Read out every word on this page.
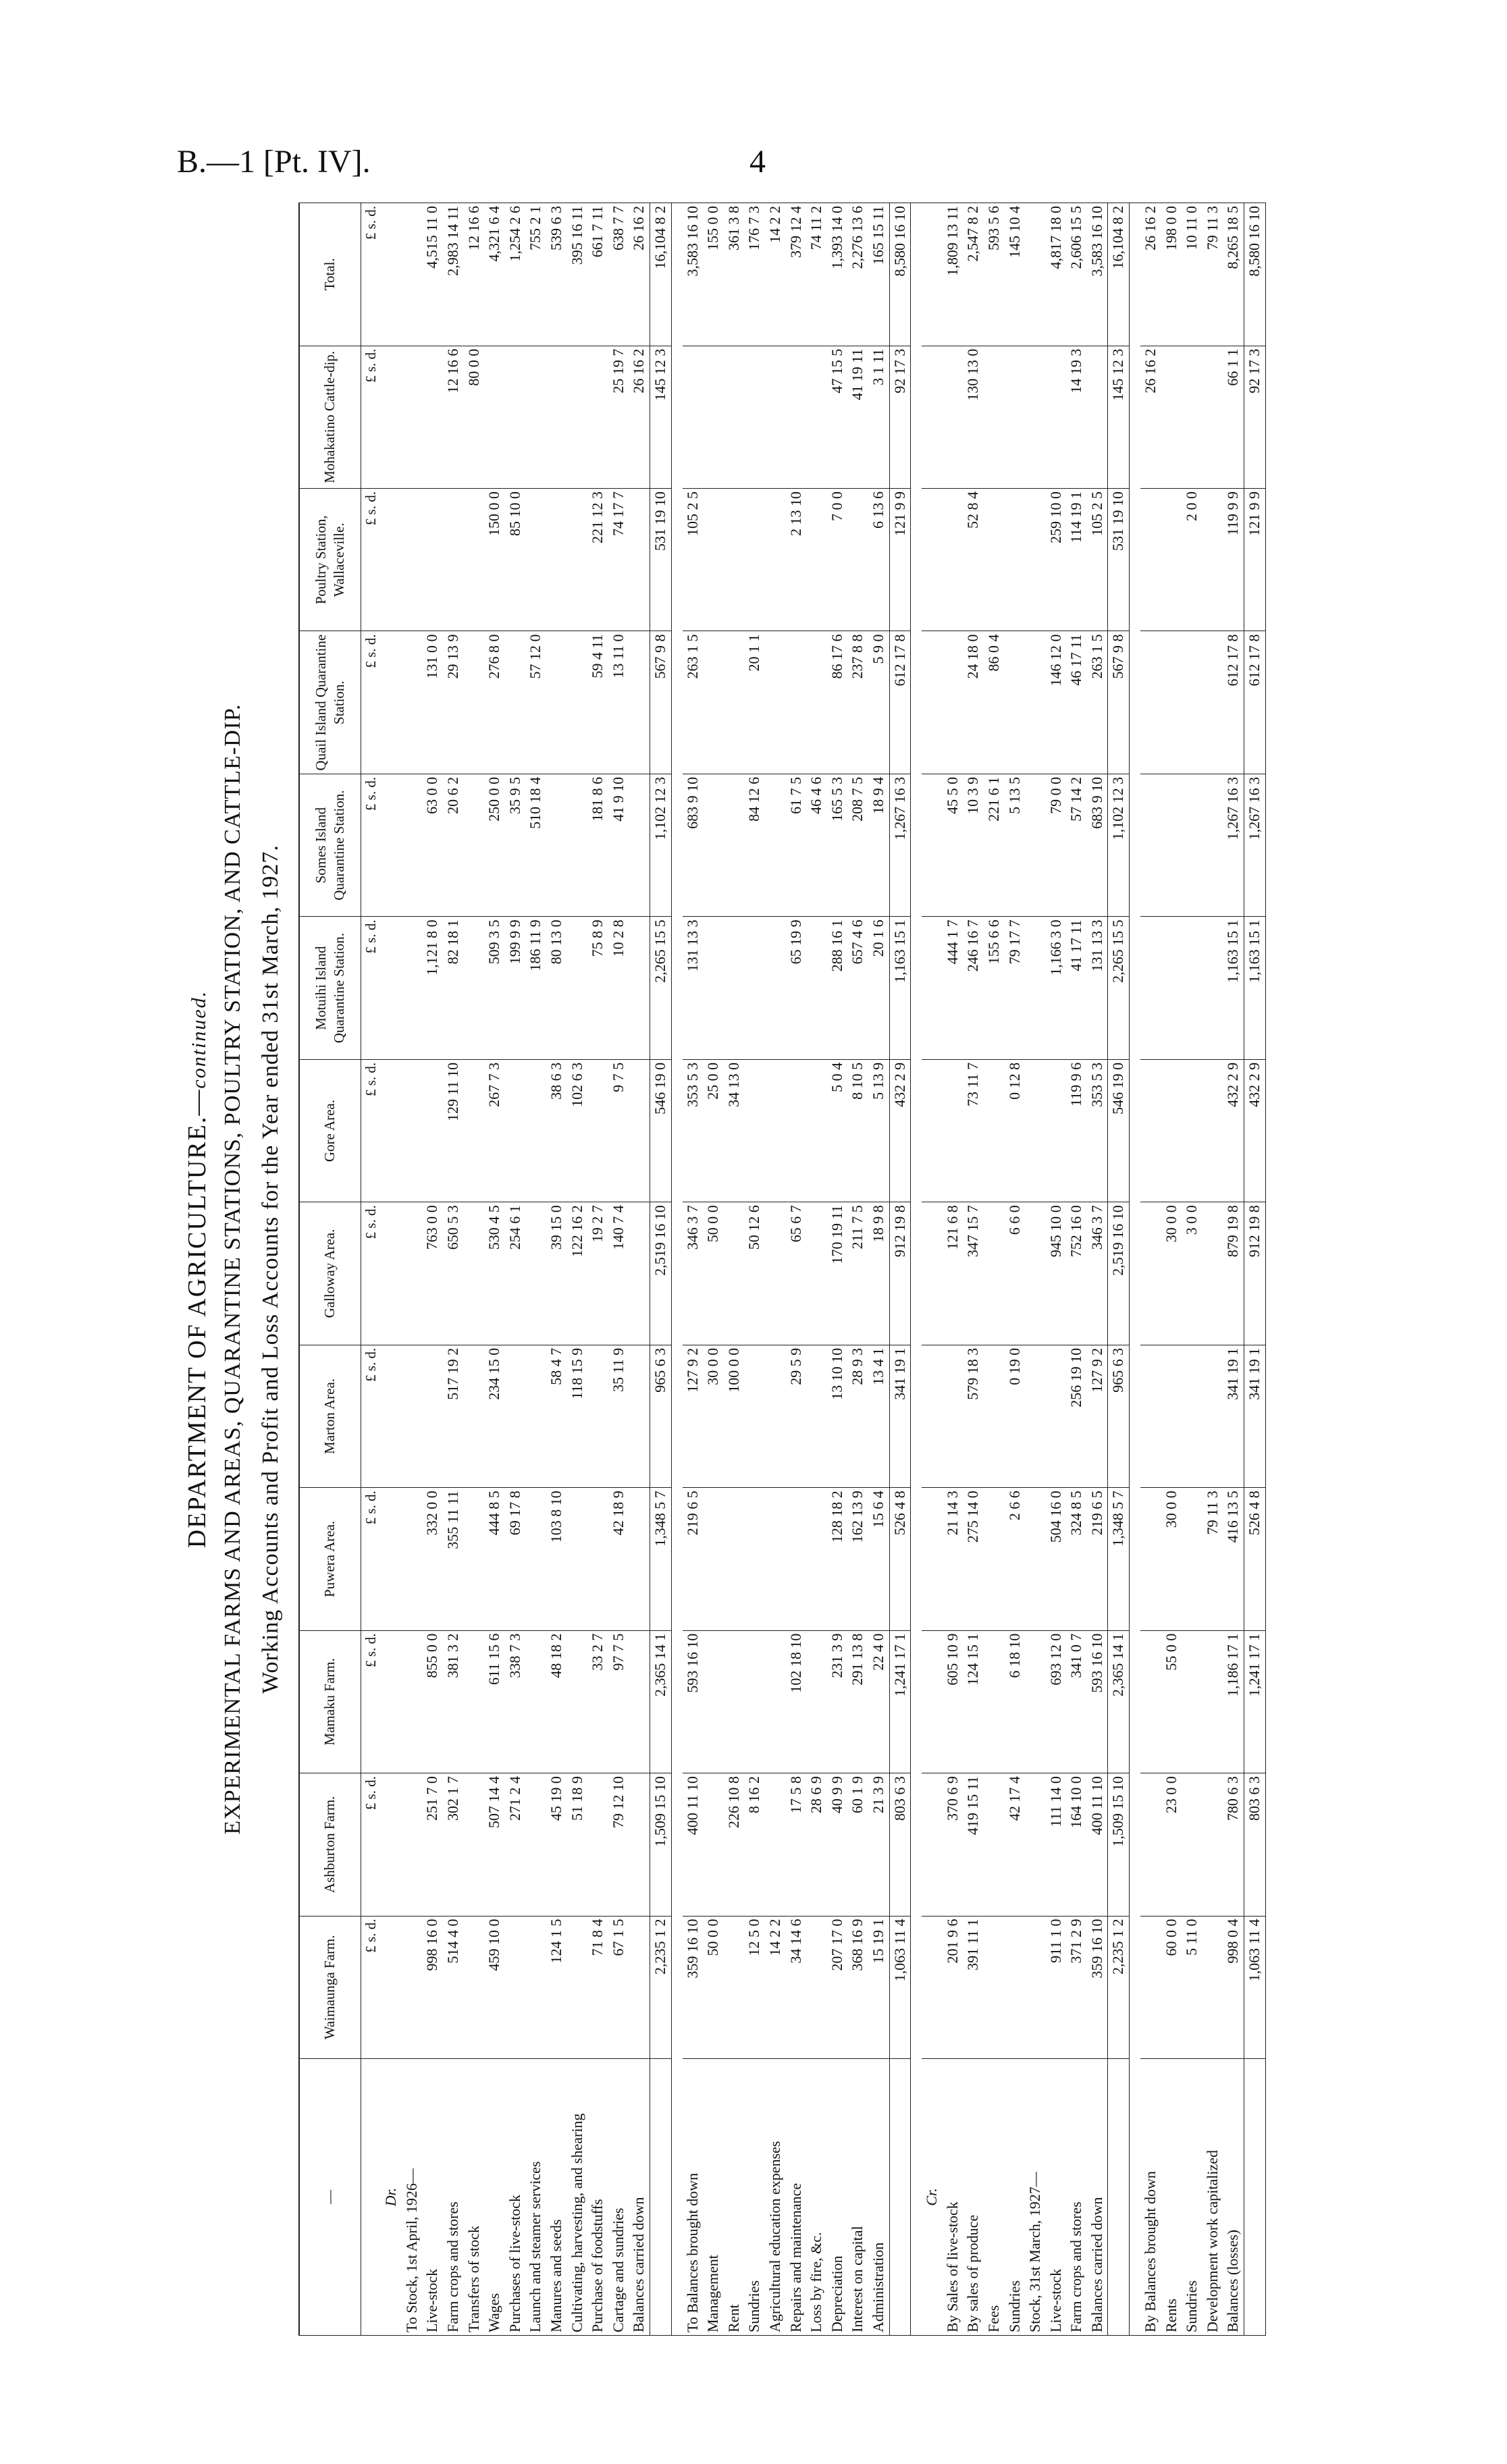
B.—1 [Pt. IV].	4
DEPARTMENT OF AGRICULTURE.—continued. EXPERIMENTAL FARMS AND AREAS, QUARANTINE STATIONS, POULTRY STATION, AND CATTLE-DIP. Working Accounts and Profit and Loss Accounts for the Year ended 31st March, 1927.
—	Waimaunga Farm.	Ashburton Farm.	Mamaku Farm.	Puwera Area.	Marton Area.	Galloway Area.	Gore Area.	Motuihi Island Quarantine Station.	Somes Island Quarantine Station.	Quail Island Quarantine Station.	Poultry Station, Wallaceville.	Mohakatino Cattle-dip.	Total.
	£ s. d.	£ s. d.	£ s. d.	£ s. d.	£ s. d.	£ s. d.	£ s. d.	£ s. d.	£ s. d.	£ s. d.	£ s. d.	£ s. d.	£ s. d.
Dr.													
To Stock, 1st April, 1926—													
Live-stock	998 16 0	251 7 0	855 0 0	332 0 0		763 0 0		1,121 8 0	63 0 0	131 0 0			4,515 11 0
Farm crops and stores	514 4 0	302 1 7	381 3 2	355 11 11	517 19 2	650 5 3	129 11 10	82 18 1	20 6 2	29 13 9		12 16 6	2,983 14 11
Transfers of stock												80 0 0	12 16 6
Wages	459 10 0	507 14 4	611 15 6	444 8 5	234 15 0	530 4 5	267 7 3	509 3 5	250 0 0	276 8 0	150 0 0		4,321 6 4
Purchases of live-stock		271 2 4	338 7 3	69 17 8		254 6 1		199 9 9	35 9 5		85 10 0		1,254 2 6
Launch and steamer services								186 11 9	510 18 4	57 12 0			755 2 1
Manures and seeds	124 1 5	45 19 0	48 18 2	103 8 10	58 4 7	39 15 0	38 6 3	80 13 0					539 6 3
Cultivating, harvesting, and shearing		51 18 9			118 15 9	122 16 2	102 6 3						395 16 11
Purchase of foodstuffs	71 8 4		33 2 7			19 2 7		75 8 9	181 8 6	59 4 11	221 12 3		661 7 11
Cartage and sundries	67 1 5	79 12 10	97 7 5	42 18 9	35 11 9	140 7 4	9 7 5	10 2 8	41 9 10	13 11 0	74 17 7	25 19 7	638 7 7
Balances carried down												26 16 2	26 16 2
	2,235 1 2	1,509 15 10	2,365 14 1	1,348 5 7	965 6 3	2,519 16 10	546 19 0	2,265 15 5	1,102 12 3	567 9 8	531 19 10	145 12 3	16,104 8 2

To Balances brought down	359 16 10	400 11 10	593 16 10	219 6 5	127 9 2	346 3 7	353 5 3	131 13 3	683 9 10	263 1 5	105 2 5		3,583 16 10
Management	50 0 0				30 0 0	50 0 0	25 0 0						155 0 0
Rent		226 10 8			100 0 0		34 13 0						361 3 8
Sundries	12 5 0	8 16 2				50 12 6			84 12 6	20 1 1			176 7 3
Agricultural education expenses	14 2 2												14 2 2
Repairs and maintenance	34 14 6	17 5 8	102 18 10		29 5 9	65 6 7		65 19 9	61 7 5		2 13 10		379 12 4
Loss by fire, &c.		28 6 9							46 4 6				74 11 2
Depreciation	207 17 0	40 9 9	231 3 9	128 18 2	13 10 10	170 19 11	5 0 4	288 16 1	165 5 3	86 17 6	7 0 0	47 15 5	1,393 14 0
Interest on capital	368 16 9	60 1 9	291 13 8	162 13 9	28 9 3	211 7 5	8 10 5	657 4 6	208 7 5	237 8 8		41 19 11	2,276 13 6
Administration	15 19 1	21 3 9	22 4 0	15 6 4	13 4 1	18 9 8	5 13 9	20 1 6	18 9 4	5 9 0	6 13 6	3 1 11	165 15 11
	1,063 11 4	803 6 3	1,241 17 1	526 4 8	341 19 1	912 19 8	432 2 9	1,163 15 1	1,267 16 3	612 17 8	121 9 9	92 17 3	8,580 16 10

Cr.													
By Sales of live-stock	201 9 6	370 6 9	605 10 9	21 14 3		121 6 8		444 1 7	45 5 0				1,809 13 11
By sales of produce	391 11 1	419 15 11	124 15 1	275 14 0	579 18 3	347 15 7	73 11 7	246 16 7	10 3 9	24 18 0	52 8 4	130 13 0	2,547 8 2
Fees								155 6 6	221 6 1	86 0 4			593 5 6
Sundries		42 17 4	6 18 10	2 6 6	0 19 0	6 6 0	0 12 8	79 17 7	5 13 5				145 10 4
Stock, 31st March, 1927—													
Live-stock	911 1 0	111 14 0	693 12 0	504 16 0		945 10 0		1,166 3 0	79 0 0	146 12 0	259 10 0		4,817 18 0
Farm crops and stores	371 2 9	164 10 0	341 0 7	324 8 5	256 19 10	752 16 0	119 9 6	41 17 11	57 14 2	46 17 11	114 19 1	14 19 3	2,606 15 5
Balances carried down	359 16 10	400 11 10	593 16 10	219 6 5	127 9 2	346 3 7	353 5 3	131 13 3	683 9 10	263 1 5	105 2 5		3,583 16 10
	2,235 1 2	1,509 15 10	2,365 14 1	1,348 5 7	965 6 3	2,519 16 10	546 19 0	2,265 15 5	1,102 12 3	567 9 8	531 19 10	145 12 3	16,104 8 2

By Balances brought down												26 16 2	26 16 2
Rents	60 0 0	23 0 0	55 0 0	30 0 0		30 0 0							198 0 0
Sundries	5 11 0					3 0 0					2 0 0		10 11 0
Development work capitalized				79 11 3									79 11 3
Balances (losses)	998 0 4	780 6 3	1,186 17 1	416 13 5	341 19 1	879 19 8	432 2 9	1,163 15 1	1,267 16 3	612 17 8	119 9 9	66 1 1	8,265 18 5
	1,063 11 4	803 6 3	1,241 17 1	526 4 8	341 19 1	912 19 8	432 2 9	1,163 15 1	1,267 16 3	612 17 8	121 9 9	92 17 3	8,580 16 10
